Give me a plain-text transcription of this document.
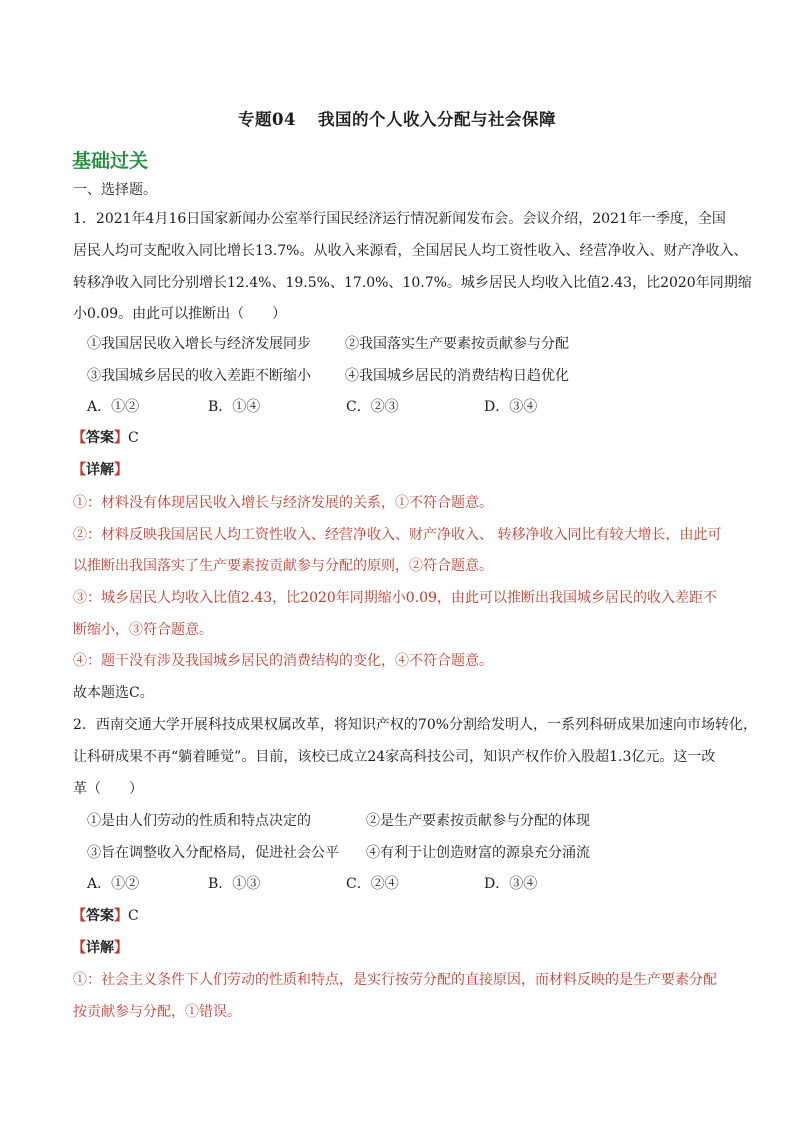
专题04 我国的个人收入分配与社会保障
基础过关
一、选择题。
1．2021年4月16日国家新闻办公室举行国民经济运行情况新闻发布会。会议介绍，2021年一季度，全国
居民人均可支配收入同比增长13.7%。从收入来源看，全国居民人均工资性收入、经营净收入、财产净收入、
转移净收入同比分别增长12.4%、19.5%、17.0%、10.7%。城乡居民人均收入比值2.43，比2020年同期缩
小0.09。由此可以推断出（　　）
①我国居民收入增长与经济发展同步 ②我国落实生产要素按贡献参与分配
③我国城乡居民的收入差距不断缩小 ④我国城乡居民的消费结构日趋优化
A．①②	B．①④	C．②③	D．③④
【答案】C
【详解】
①：材料没有体现居民收入增长与经济发展的关系，①不符合题意。
②：材料反映我国居民人均工资性收入、经营净收入、财产净收入、 转移净收入同比有较大增长，由此可
以推断出我国落实了生产要素按贡献参与分配的原则，②符合题意。
③：城乡居民人均收入比值2.43，比2020年同期缩小0.09，由此可以推断出我国城乡居民的收入差距不
断缩小，③符合题意。
④：题干没有涉及我国城乡居民的消费结构的变化，④不符合题意。
故本题选C。
2．西南交通大学开展科技成果权属改革，将知识产权的70%分割给发明人，一系列科研成果加速向市场转化，
让科研成果不再“躺着睡觉”。目前，该校已成立24家高科技公司，知识产权作价入股超1.3亿元。这一改
革（　　）
①是由人们劳动的性质和特点决定的	②是生产要素按贡献参与分配的体现
③旨在调整收入分配格局，促进社会公平 ④有利于让创造财富的源泉充分涌流
A．①②	B．①③	C．②④	D．③④
【答案】C
【详解】
①：社会主义条件下人们劳动的性质和特点，是实行按劳分配的直接原因，而材料反映的是生产要素分配
按贡献参与分配，①错误。
